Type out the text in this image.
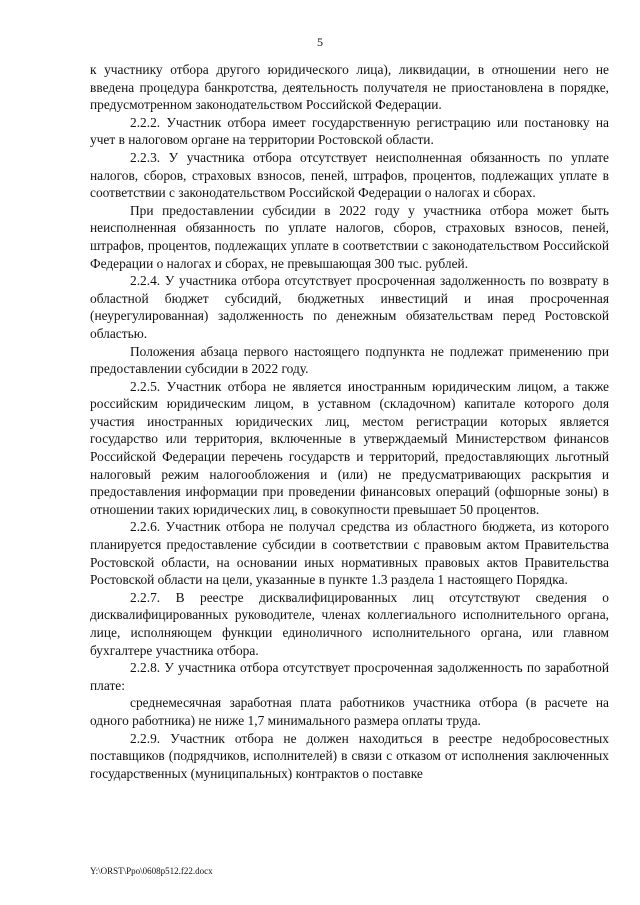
5

к участнику отбора другого юридического лица), ликвидации, в отношении него не введена процедура банкротства, деятельность получателя не приостановлена в порядке, предусмотренном законодательством Российской Федерации.

2.2.2. Участник отбора имеет государственную регистрацию или постановку на учет в налоговом органе на территории Ростовской области.

2.2.3. У участника отбора отсутствует неисполненная обязанность по уплате налогов, сборов, страховых взносов, пеней, штрафов, процентов, подлежащих уплате в соответствии с законодательством Российской Федерации о налогах и сборах.

При предоставлении субсидии в 2022 году у участника отбора может быть неисполненная обязанность по уплате налогов, сборов, страховых взносов, пеней, штрафов, процентов, подлежащих уплате в соответствии с законодательством Российской Федерации о налогах и сборах, не превышающая 300 тыс. рублей.

2.2.4. У участника отбора отсутствует просроченная задолженность по возврату в областной бюджет субсидий, бюджетных инвестиций и иная просроченная (неурегулированная) задолженность по денежным обязательствам перед Ростовской областью.

Положения абзаца первого настоящего подпункта не подлежат применению при предоставлении субсидии в 2022 году.

2.2.5. Участник отбора не является иностранным юридическим лицом, а также российским юридическим лицом, в уставном (складочном) капитале которого доля участия иностранных юридических лиц, местом регистрации которых является государство или территория, включенные в утверждаемый Министерством финансов Российской Федерации перечень государств и территорий, предоставляющих льготный налоговый режим налогообложения и (или) не предусматривающих раскрытия и предоставления информации при проведении финансовых операций (офшорные зоны) в отношении таких юридических лиц, в совокупности превышает 50 процентов.

2.2.6. Участник отбора не получал средства из областного бюджета, из которого планируется предоставление субсидии в соответствии с правовым актом Правительства Ростовской области, на основании иных нормативных правовых актов Правительства Ростовской области на цели, указанные в пункте 1.3 раздела 1 настоящего Порядка.

2.2.7. В реестре дисквалифицированных лиц отсутствуют сведения о дисквалифицированных руководителе, членах коллегиального исполнительного органа, лице, исполняющем функции единоличного исполнительного органа, или главном бухгалтере участника отбора.

2.2.8. У участника отбора отсутствует просроченная задолженность по заработной плате:

среднемесячная заработная плата работников участника отбора (в расчете на одного работника) не ниже 1,7 минимального размера оплаты труда.

2.2.9. Участник отбора не должен находиться в реестре недобросовестных поставщиков (подрядчиков, исполнителей) в связи с отказом от исполнения заключенных государственных (муниципальных) контрактов о поставке

Y:\ORST\Ppo\0608p512.f22.docx
